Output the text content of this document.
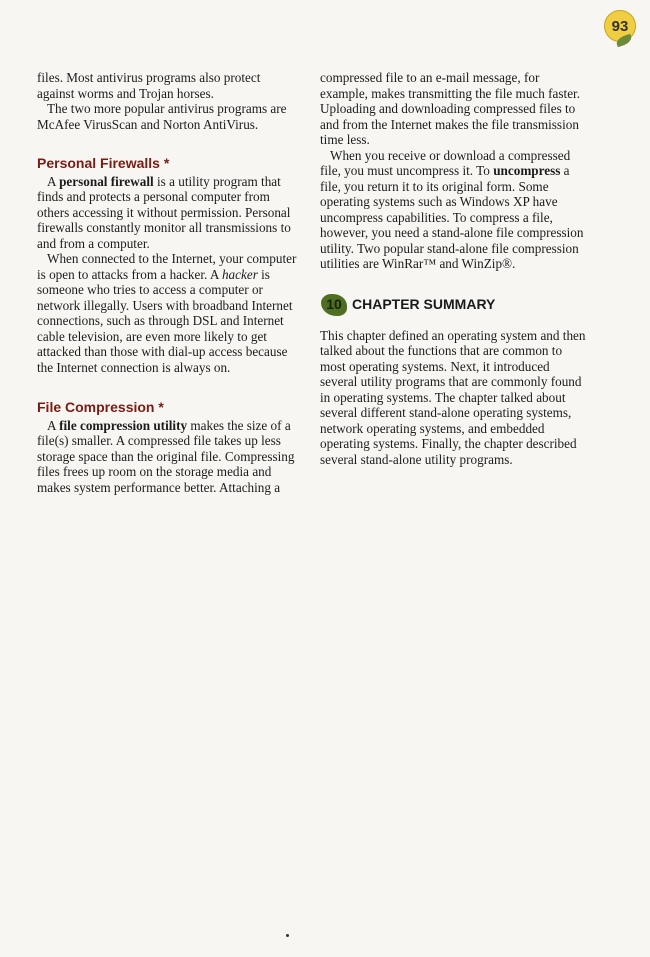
93

files. Most antivirus programs also protect against worms and Trojan horses.

The two more popular antivirus programs are McAfee VirusScan and Norton AntiVirus.

Personal Firewalls *

A personal firewall is a utility program that finds and protects a personal computer from others accessing it without permission. Personal firewalls constantly monitor all transmissions to and from a computer.

When connected to the Internet, your computer is open to attacks from a hacker. A hacker is someone who tries to access a computer or network illegally. Users with broadband Internet connections, such as through DSL and Internet cable television, are even more likely to get attacked than those with dial-up access because the Internet connection is always on.

File Compression *

A file compression utility makes the size of a file(s) smaller. A compressed file takes up less storage space than the original file. Compressing files frees up room on the storage media and makes system performance better. Attaching a

compressed file to an e-mail message, for example, makes transmitting the file much faster. Uploading and downloading compressed files to and from the Internet makes the file transmission time less.

When you receive or download a compressed file, you must uncompress it. To uncompress a file, you return it to its original form. Some operating systems such as Windows XP have uncompress capabilities. To compress a file, however, you need a stand-alone file compression utility. Two popular stand-alone file compression utilities are WinRar™ and WinZip®.

10 CHAPTER SUMMARY

This chapter defined an operating system and then talked about the functions that are common to most operating systems. Next, it introduced several utility programs that are commonly found in operating systems. The chapter talked about several different stand-alone operating systems, network operating systems, and embedded operating systems. Finally, the chapter described several stand-alone utility programs.
